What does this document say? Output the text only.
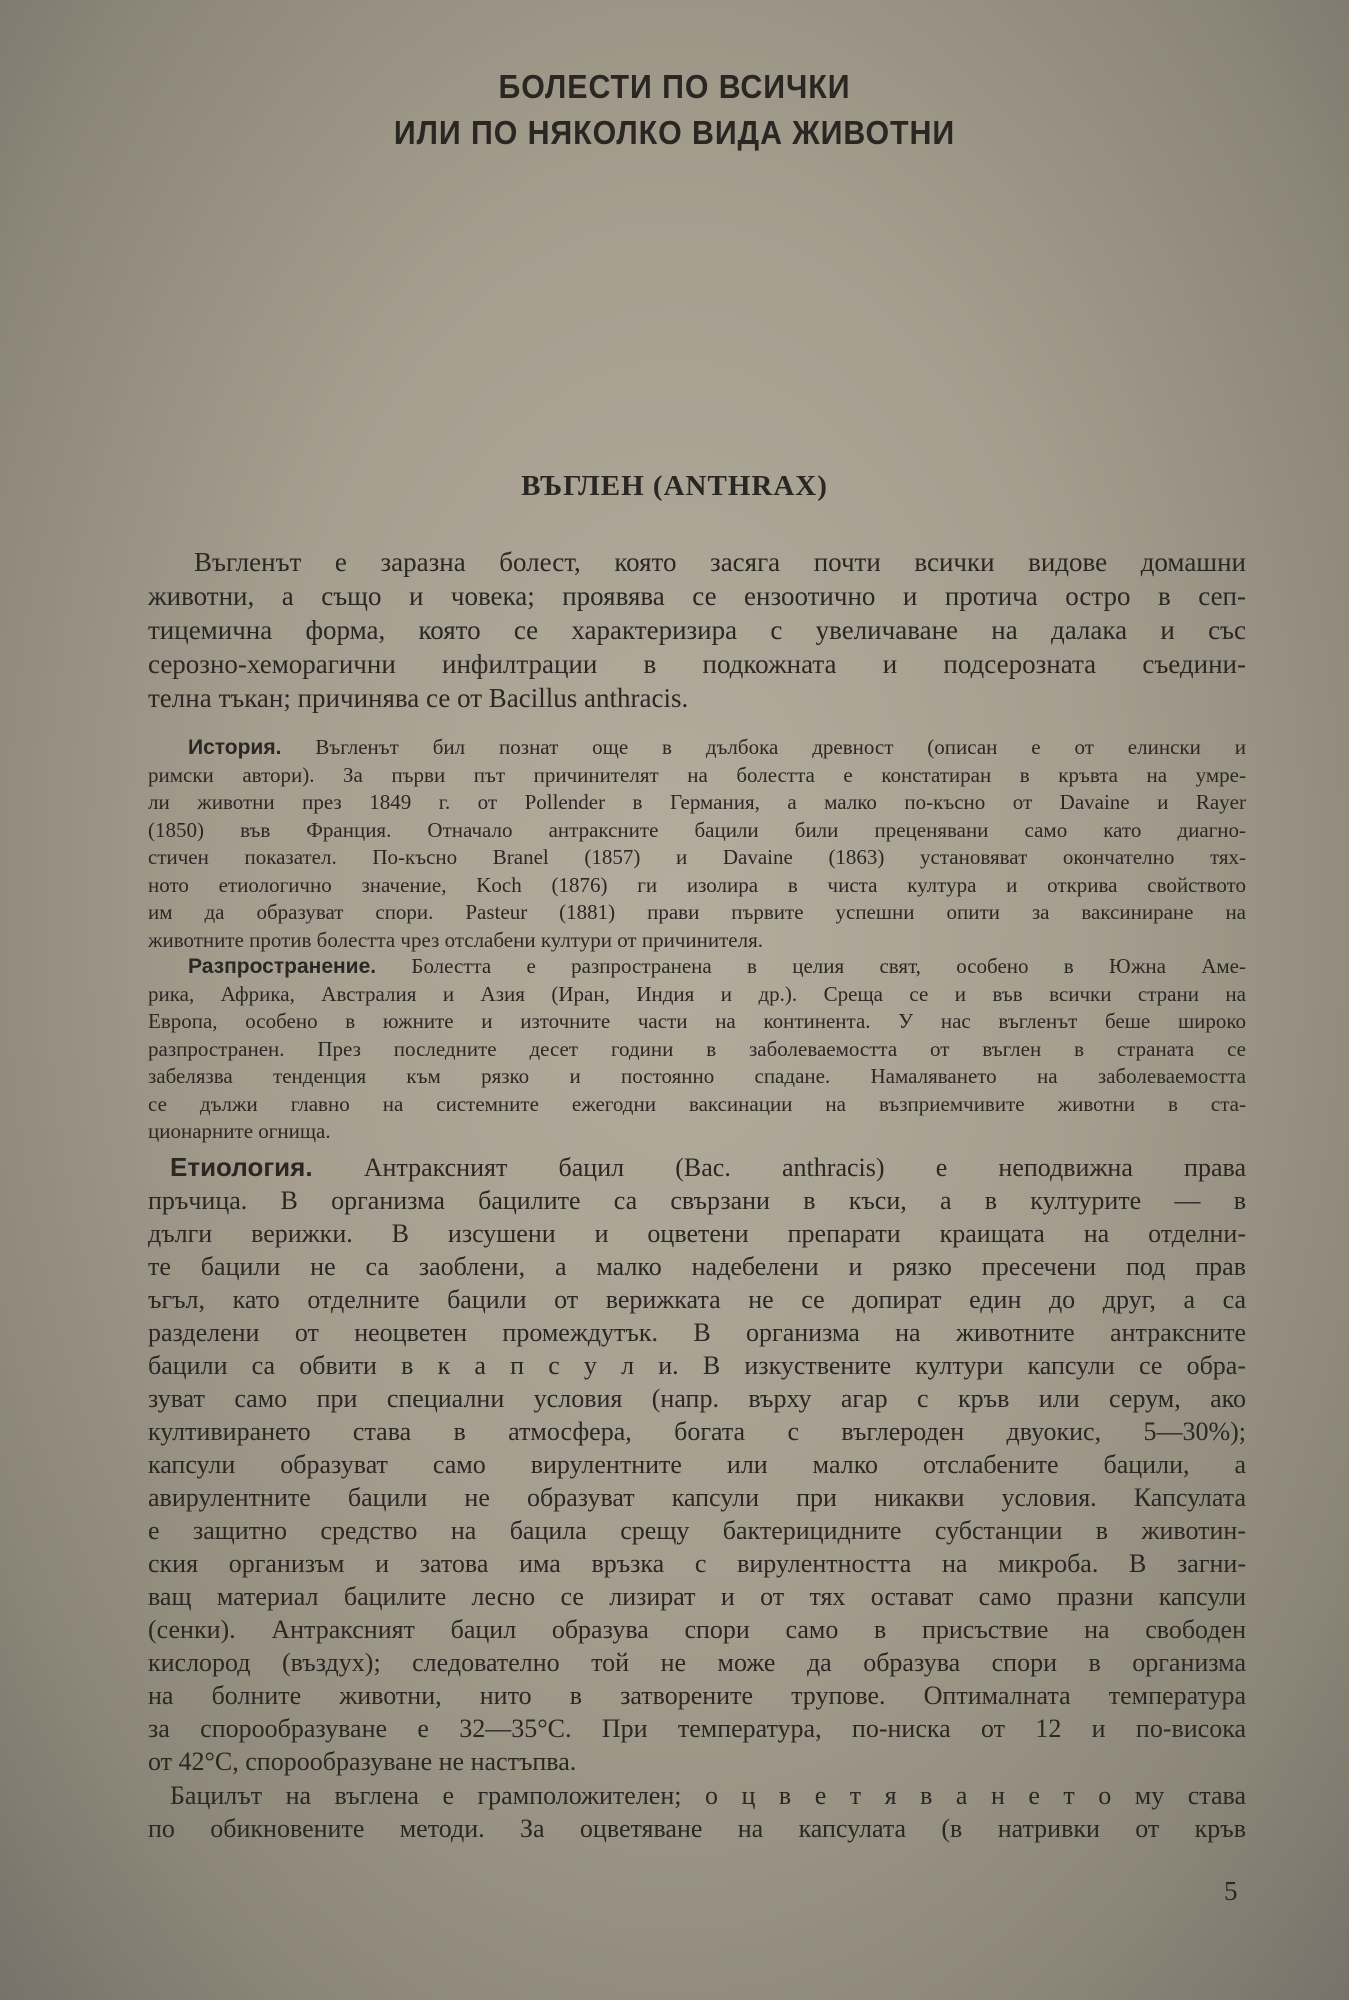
БОЛЕСТИ ПО ВСИЧКИ
ИЛИ ПО НЯКОЛКО ВИДА ЖИВОТНИ
ВЪГЛЕН (ANTHRAX)
Въгленът е заразна болест, която засяга почти всички видове домашни
животни, а също и човека; проявява се ензоотично и протича остро в сеп-
тицемична форма, която се характеризира с увеличаване на далака и със
серозно-хеморагични инфилтрации в подкожната и подсерозната съедини-
телна тъкан; причинява се от Bacillus anthracis.
История. Въгленът бил познат още в дълбока древност (описан е от елински и
римски автори). За първи път причинителят на болестта е констатиран в кръвта на умре-
ли животни през 1849 г. от Pollender в Германия, а малко по-късно от Davaine и Rayer
(1850) във Франция. Отначало антраксните бацили били преценявани само като диагно-
стичен показател. По-късно Branel (1857) и Davaine (1863) установяват окончателно тях-
ното етиологично значение, Koch (1876) ги изолира в чиста култура и открива свойството
им да образуват спори. Pasteur (1881) прави първите успешни опити за ваксиниране на
животните против болестта чрез отслабени култури от причинителя.
Разпространение. Болестта е разпространена в целия свят, особено в Южна Аме-
рика, Африка, Австралия и Азия (Иран, Индия и др.). Среща се и във всички страни на
Европа, особено в южните и източните части на континента. У нас въгленът беше широко
разпространен. През последните десет години в заболеваемостта от въглен в страната се
забелязва тенденция към рязко и постоянно спадане. Намаляването на заболеваемостта
се дължи главно на системните ежегодни ваксинации на възприемчивите животни в ста-
ционарните огнища.
Етиология. Антраксният бацил (Вас. anthracis) е неподвижна права
пръчица. В организма бацилите са свързани в къси, а в културите — в
дълги верижки. В изсушени и оцветени препарати краищата на отделни-
те бацили не са заоблени, а малко надебелени и рязко пресечени под прав
ъгъл, като отделните бацили от верижката не се допират един до друг, а са
разделени от неоцветен промеждутък. В организма на животните антраксните
бацили са обвити в к а п с у л и. В изкуствените култури капсули се обра-
зуват само при специални условия (напр. върху агар с кръв или серум, ако
култивирането става в атмосфера, богата с въглероден двуокис, 5—30%);
капсули образуват само вирулентните или малко отслабените бацили, а
авирулентните бацили не образуват капсули при никакви условия. Капсулата
е защитно средство на бацила срещу бактерицидните субстанции в животин-
ския организъм и затова има връзка с вирулентността на микроба. В загни-
ващ материал бацилите лесно се лизират и от тях остават само празни капсули
(сенки). Антраксният бацил образува спори само в присъствие на свободен
кислород (въздух); следователно той не може да образува спори в организма
на болните животни, нито в затворените трупове. Оптималната температура
за спорообразуване е 32—35°С. При температура, по-ниска от 12 и по-висока
от 42°С, спорообразуване не настъпва.
Бацилът на въглена е грамположителен; о ц в е т я в а н е т о му става
по обикновените методи. За оцветяване на капсулата (в натривки от кръв
5
